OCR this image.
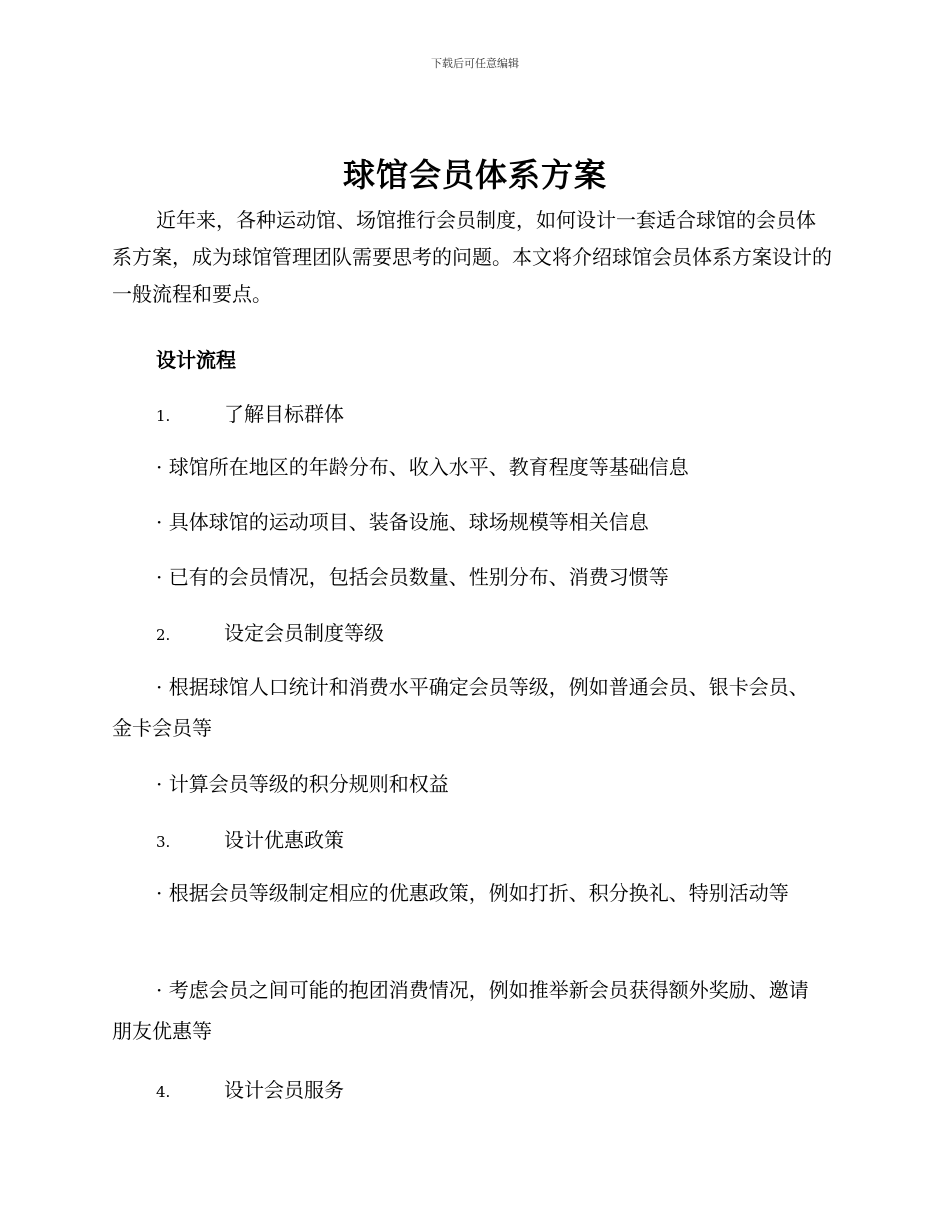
下载后可任意编辑
球馆会员体系方案
近年来，各种运动馆、场馆推行会员制度，如何设计一套适合球馆的会员体系方案，成为球馆管理团队需要思考的问题。本文将介绍球馆会员体系方案设计的一般流程和要点。
设计流程
1.	了解目标群体
· 球馆所在地区的年龄分布、收入水平、教育程度等基础信息
· 具体球馆的运动项目、装备设施、球场规模等相关信息
· 已有的会员情况，包括会员数量、性别分布、消费习惯等
2.	设定会员制度等级
· 根据球馆人口统计和消费水平确定会员等级，例如普通会员、银卡会员、金卡会员等
· 计算会员等级的积分规则和权益
3.	设计优惠政策
· 根据会员等级制定相应的优惠政策，例如打折、积分换礼、特别活动等
· 考虑会员之间可能的抱团消费情况，例如推举新会员获得额外奖励、邀请朋友优惠等
4.	设计会员服务
